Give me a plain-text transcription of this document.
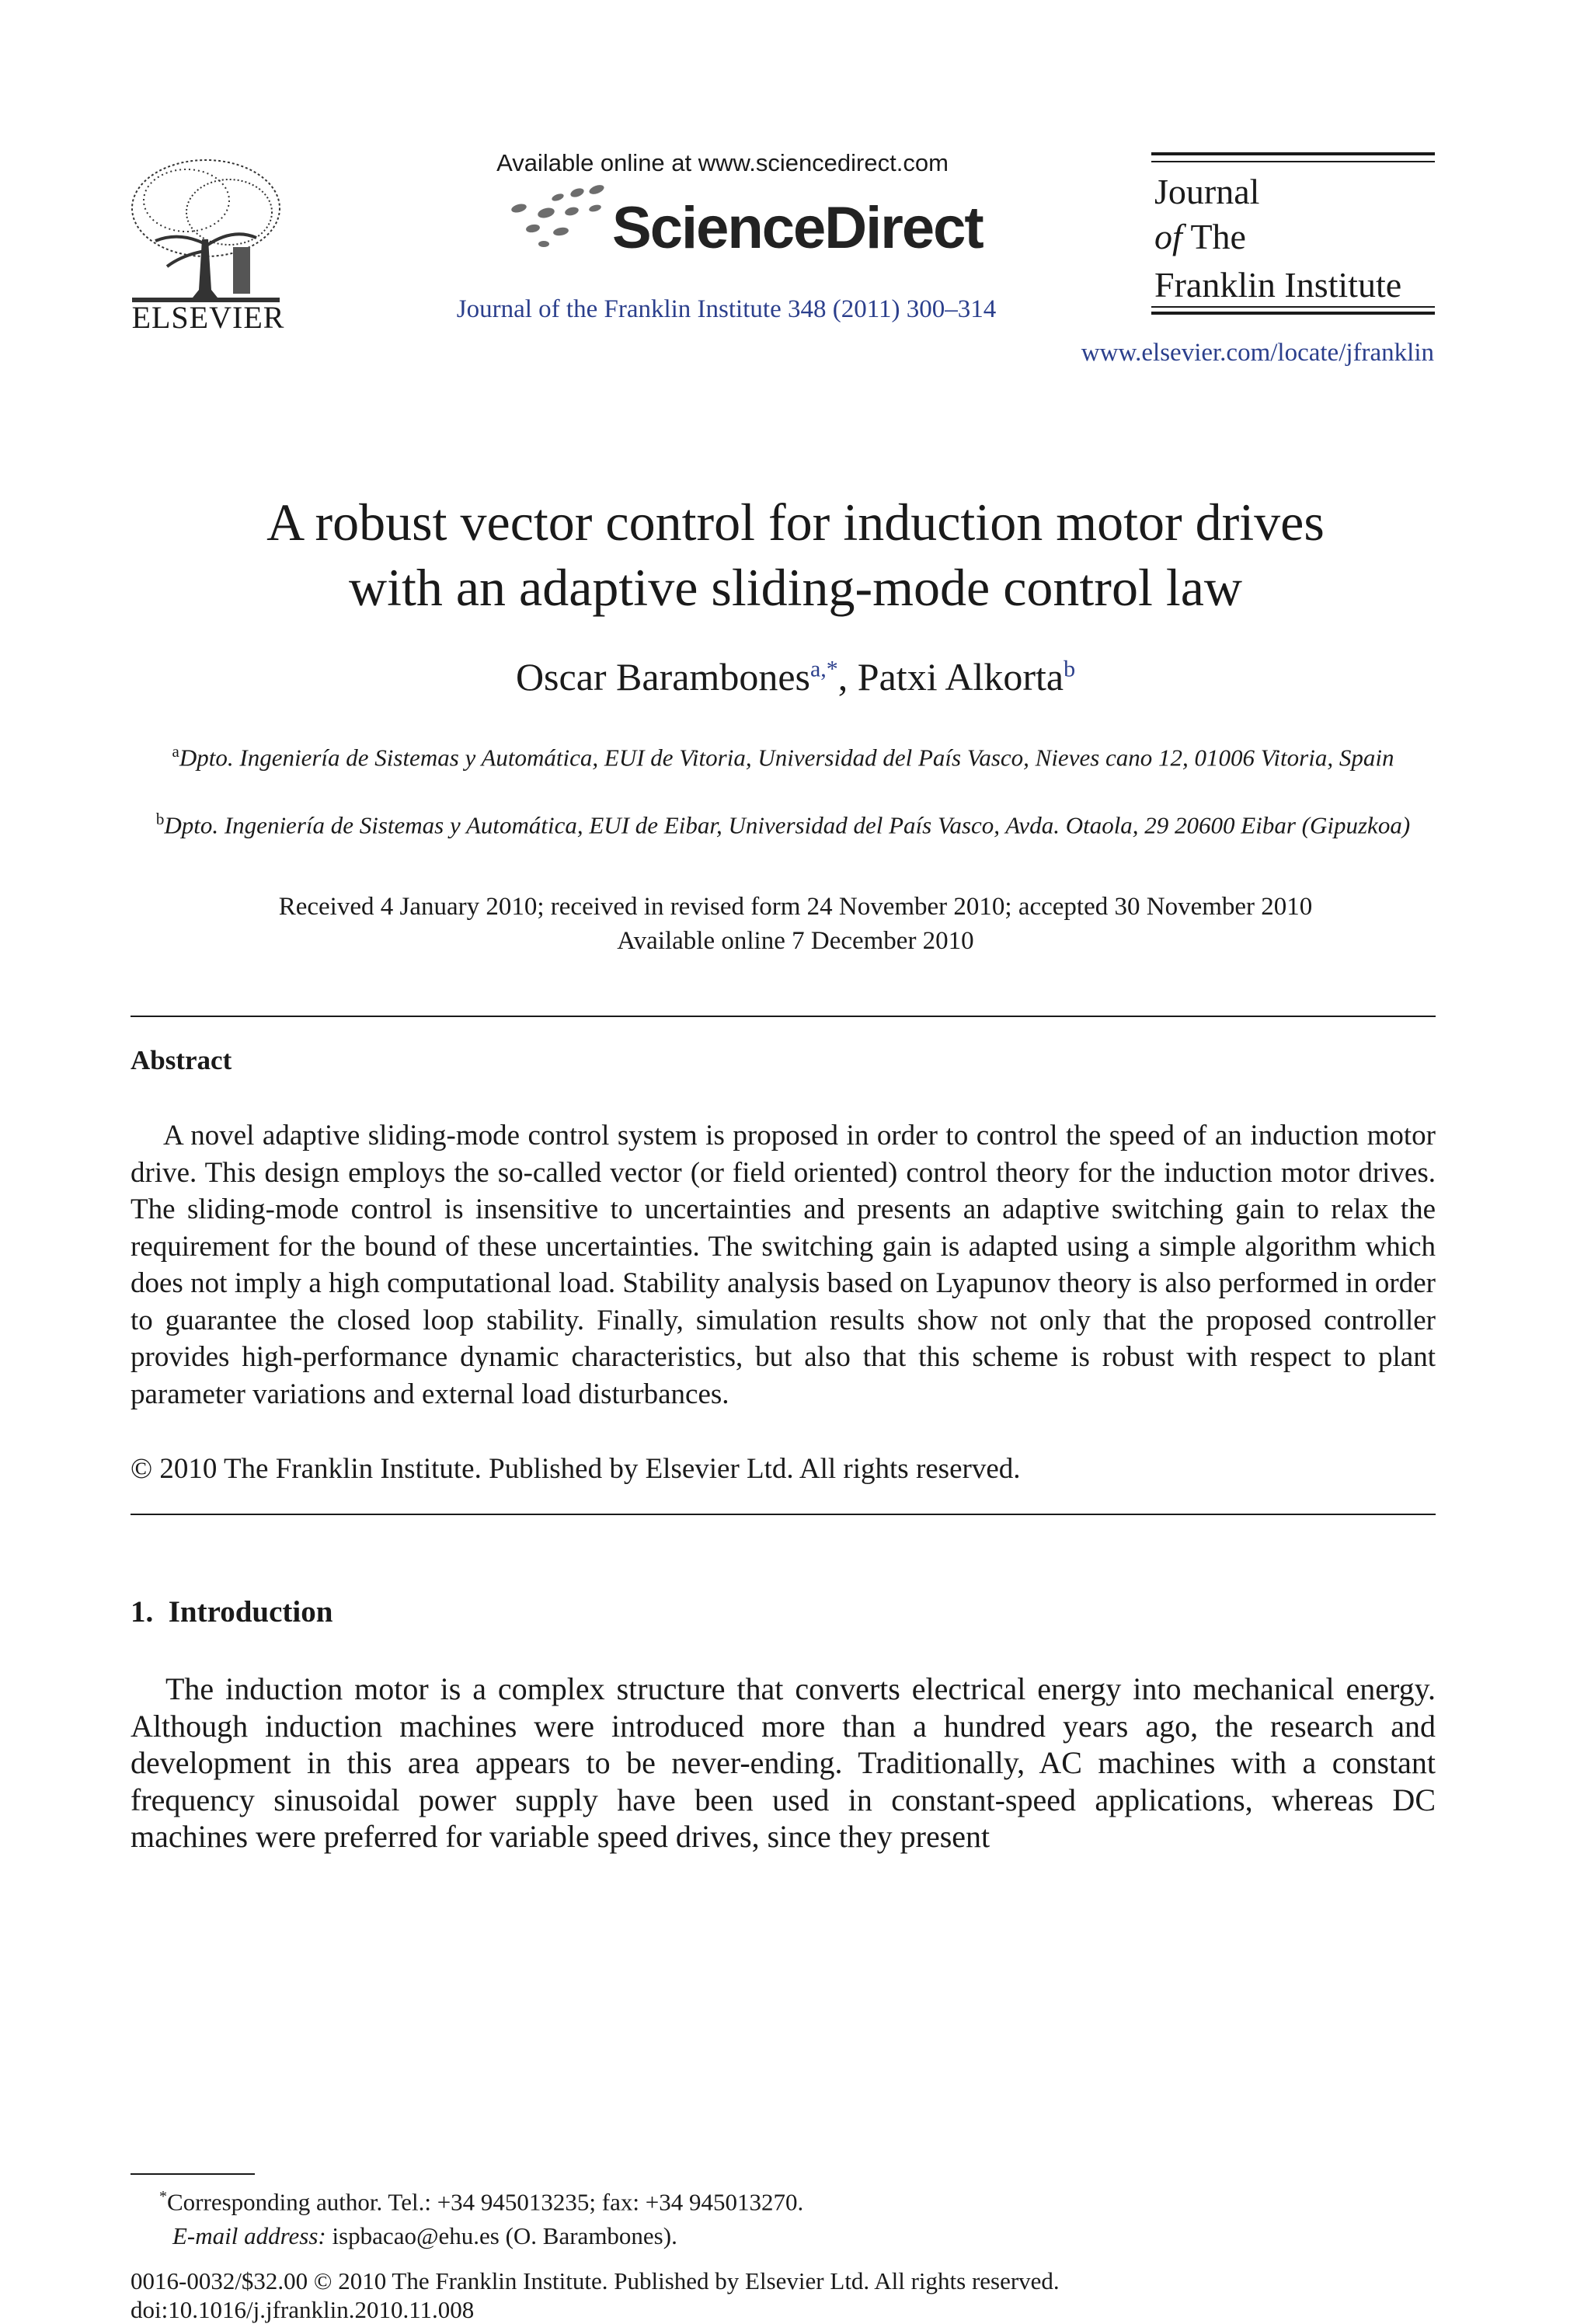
ELSEVIER
Available online at www.sciencedirect.com
ScienceDirect
Journal of the Franklin Institute 348 (2011) 300–314
Journal
of The
Franklin Institute
www.elsevier.com/locate/jfranklin
A robust vector control for induction motor drives
with an adaptive sliding-mode control law
Oscar Barambones$^{a,*}$, Patxi Alkorta$^b$
$^a$Dpto. Ingeniería de Sistemas y Automática, EUI de Vitoria, Universidad del País Vasco, Nieves cano 12, 01006 Vitoria, Spain
$^b$Dpto. Ingeniería de Sistemas y Automática, EUI de Eibar, Universidad del País Vasco, Avda. Otaola, 29 20600 Eibar (Gipuzkoa)
Received 4 January 2010; received in revised form 24 November 2010; accepted 30 November 2010
Available online 7 December 2010
Abstract
A novel adaptive sliding-mode control system is proposed in order to control the speed of an induction motor drive. This design employs the so-called vector (or field oriented) control theory for the induction motor drives. The sliding-mode control is insensitive to uncertainties and presents an adaptive switching gain to relax the requirement for the bound of these uncertainties. The switching gain is adapted using a simple algorithm which does not imply a high computational load. Stability analysis based on Lyapunov theory is also performed in order to guarantee the closed loop stability. Finally, simulation results show not only that the proposed controller provides high-performance dynamic characteristics, but also that this scheme is robust with respect to plant parameter variations and external load disturbances.
© 2010 The Franklin Institute. Published by Elsevier Ltd. All rights reserved.
1.  Introduction
The induction motor is a complex structure that converts electrical energy into mechanical energy. Although induction machines were introduced more than a hundred years ago, the research and development in this area appears to be never-ending. Traditionally, AC machines with a constant frequency sinusoidal power supply have been used in constant-speed applications, whereas DC machines were preferred for variable speed drives, since they present
*Corresponding author. Tel.: +34 945013235; fax: +34 945013270.
E-mail address: ispbacao@ehu.es (O. Barambones).
0016-0032/$32.00 © 2010 The Franklin Institute. Published by Elsevier Ltd. All rights reserved.
doi:10.1016/j.jfranklin.2010.11.008
